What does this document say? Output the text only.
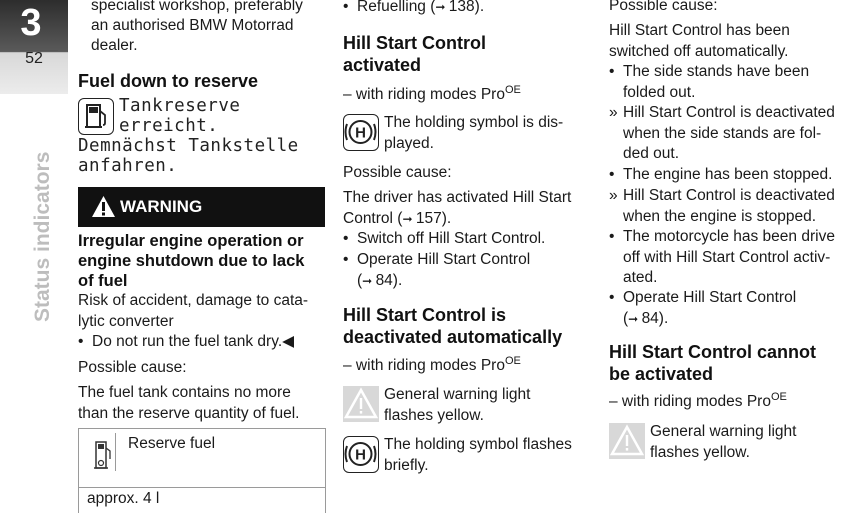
3
52
Status indicators
specialist workshop, preferably
an authorised BMW Motorrad
dealer.
Fuel down to reserve
Tankreserve
erreicht.
Demnächst Tankstelle
anfahren.
WARNING
Irregular engine operation or
engine shutdown due to lack
of fuel
Risk of accident, damage to cata-
lytic converter
• Do not run the fuel tank dry.◀
Possible cause:
The fuel tank contains no more
than the reserve quantity of fuel.
Reserve fuel
approx. 4 l
• Refuelling (➞ 138).
Hill Start Control
activated
– with riding modes Pro$^{OE}$
H
The holding symbol is dis-
played.
Possible cause:
The driver has activated Hill Start
Control (➞ 157).
• Switch off Hill Start Control.
• Operate Hill Start Control
(➞ 84).
Hill Start Control is
deactivated automatically
– with riding modes Pro$^{OE}$
General warning light
flashes yellow.
H
The holding symbol flashes
briefly.
Possible cause:
Hill Start Control has been
switched off automatically.
• The side stands have been
folded out.
» Hill Start Control is deactivated
when the side stands are fol-
ded out.
• The engine has been stopped.
» Hill Start Control is deactivated
when the engine is stopped.
• The motorcycle has been drive
off with Hill Start Control activ-
ated.
• Operate Hill Start Control
(➞ 84).
Hill Start Control cannot
be activated
– with riding modes Pro$^{OE}$
General warning light
flashes yellow.
